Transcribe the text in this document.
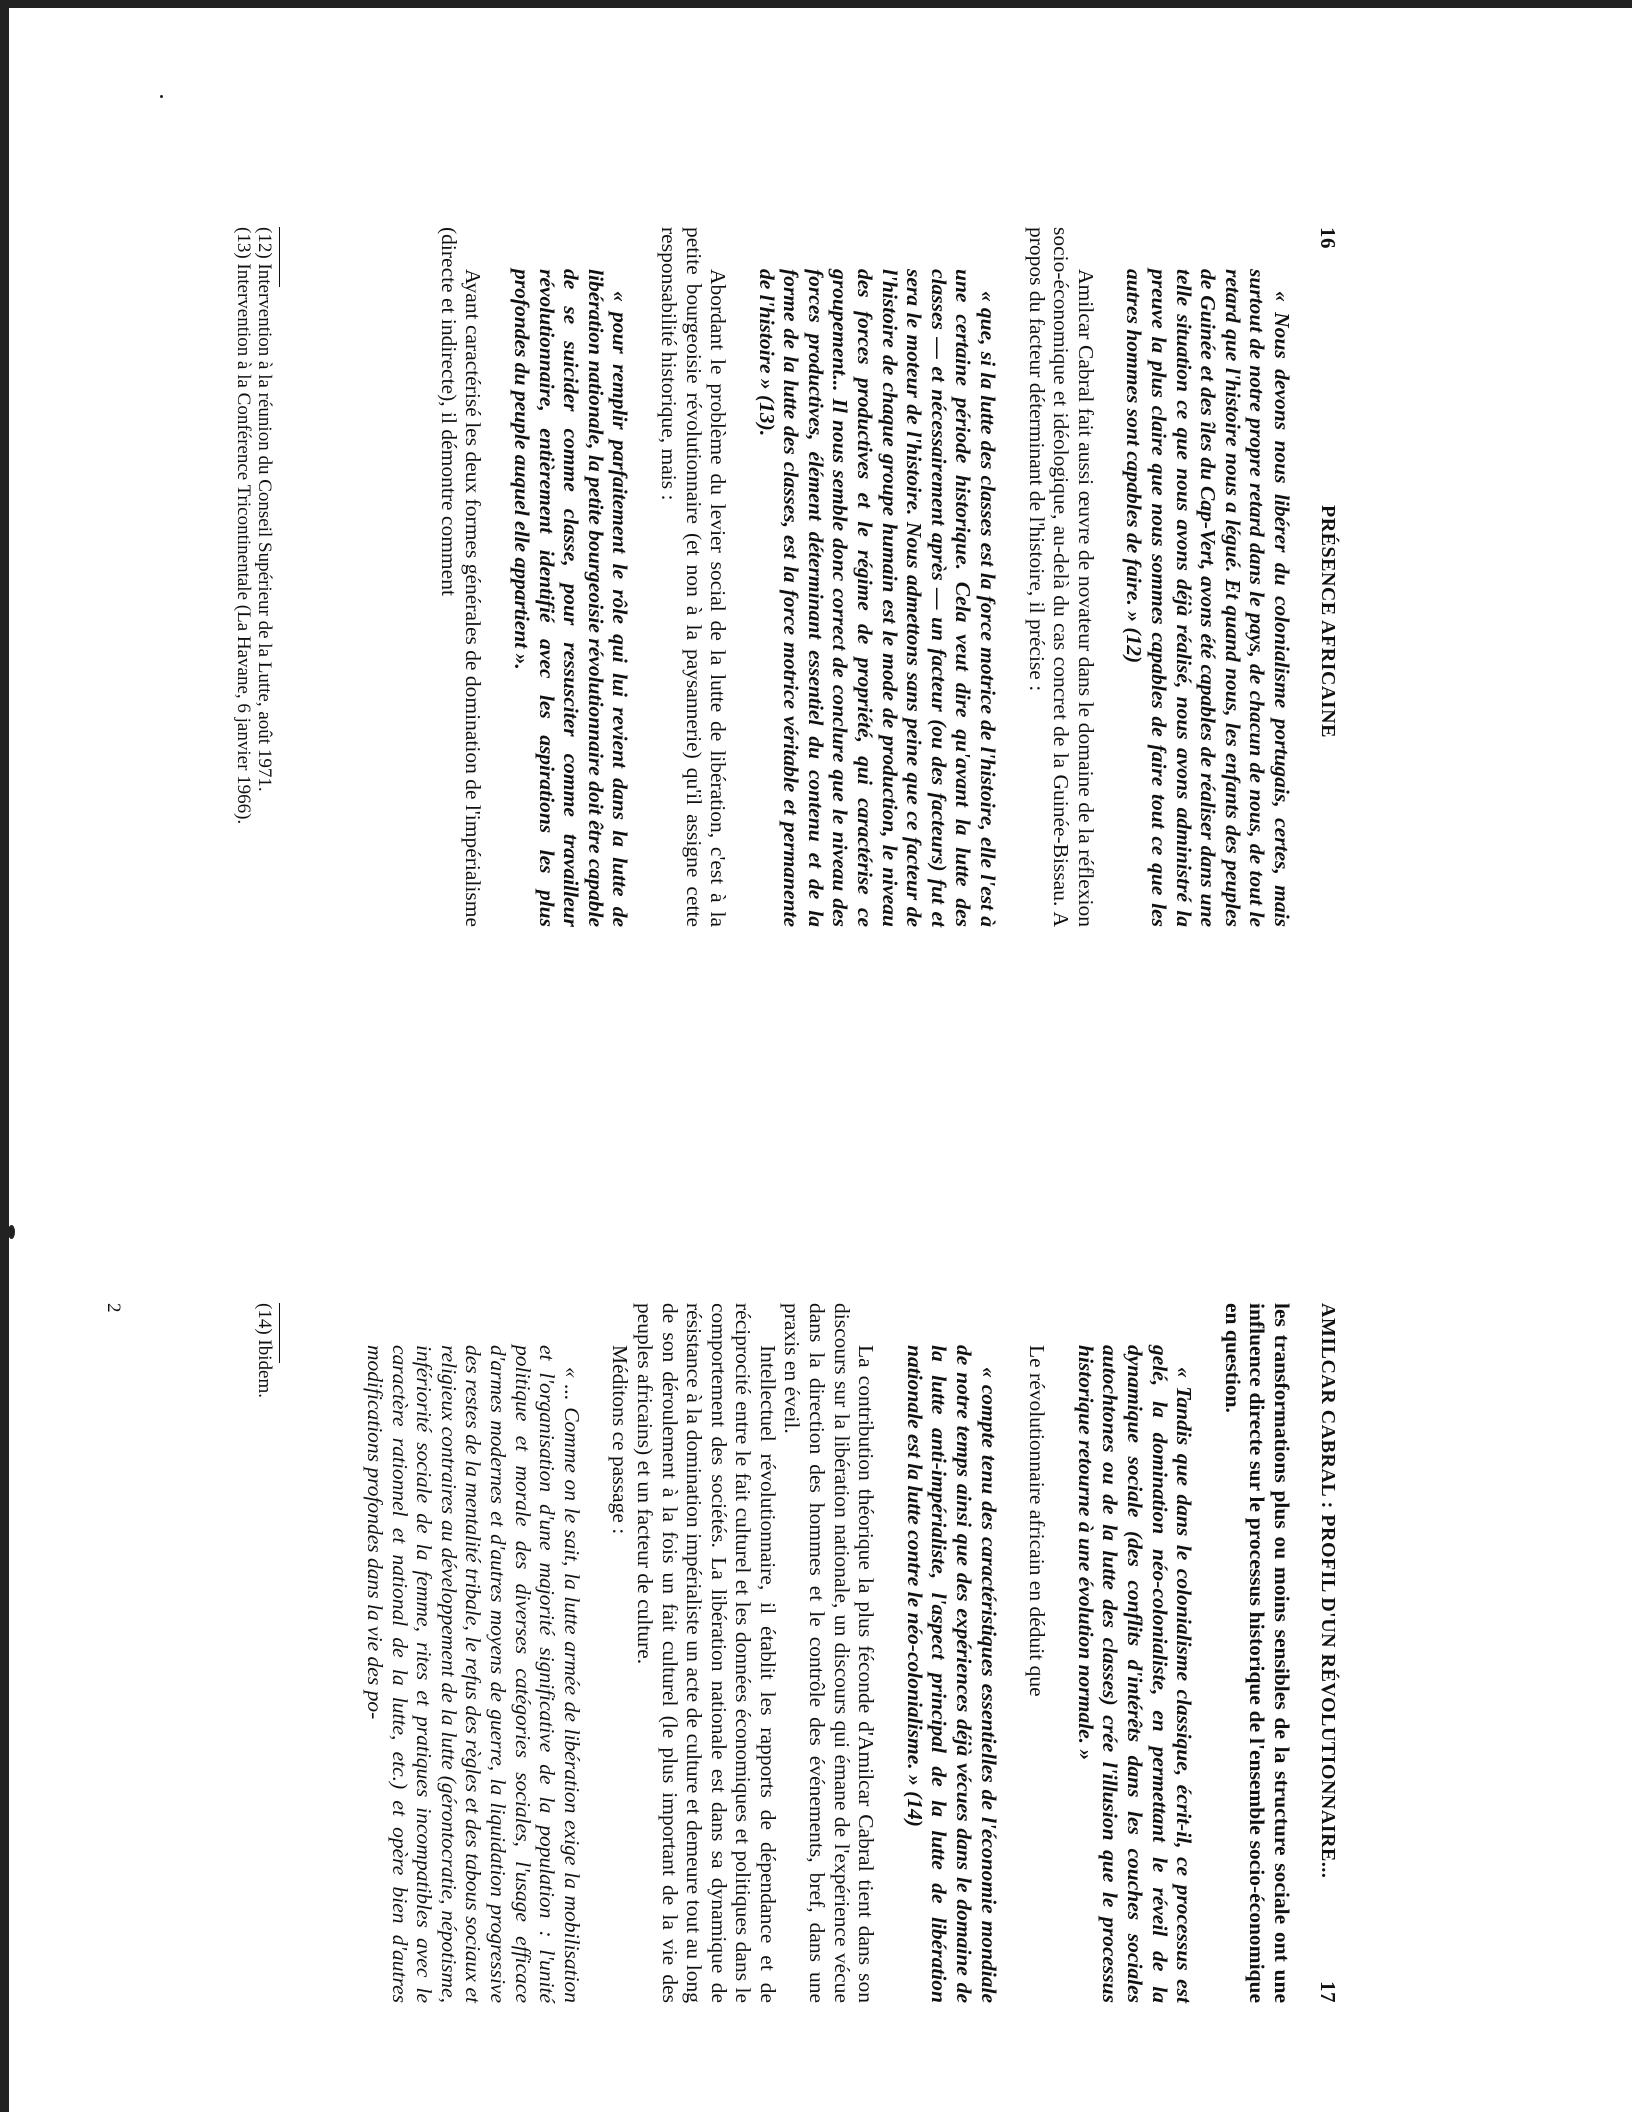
16
PRÉSENCE AFRICAINE

« Nous devons nous libérer du colonialisme portugais, certes, mais surtout de notre propre retard dans le pays, de chacun de nous, de tout le retard que l'histoire nous a légué. Et quand nous, les enfants des peuples de Guinée et des îles du Cap-Vert, avons été capables de réaliser dans une telle situation ce que nous avons déjà réalisé, nous avons administré la preuve la plus claire que nous sommes capables de faire tout ce que les autres hommes sont capables de faire. » (12)

Amilcar Cabral fait aussi œuvre de novateur dans le domaine de la réflexion socio-économique et idéologique, au-delà du cas concret de la Guinée-Bissau. A propos du facteur déterminant de l'histoire, il précise :

« que, si la lutte des classes est la force motrice de l'histoire, elle l'est à une certaine période historique. Cela veut dire qu'avant la lutte des classes — et nécessairement après — un facteur (ou des facteurs) fut et sera le moteur de l'histoire. Nous admettons sans peine que ce facteur de l'histoire de chaque groupe humain est le mode de production, le niveau des forces productives et le régime de propriété, qui caractérise ce groupement... Il nous semble donc correct de conclure que le niveau des forces productives, élément déterminant essentiel du contenu et de la forme de la lutte des classes, est la force motrice véritable et permanente de l'histoire » (13).

Abordant le problème du levier social de la lutte de libération, c'est à la petite bourgeoisie révolutionnaire (et non à la paysannerie) qu'il assigne cette responsabilité historique, mais :

« pour remplir parfaitement le rôle qui lui revient dans la lutte de libération nationale, la petite bourgeoisie révolutionnaire doit être capable de se suicider comme classe, pour ressusciter comme travailleur révolutionnaire, entièrement identifié avec les aspirations les plus profondes du peuple auquel elle appartient ».

Ayant caractérisé les deux formes générales de domination de l'impérialisme (directe et indirecte), il démontre comment

(12) Intervention à la réunion du Conseil Supérieur de la Lutte, août 1971.

(13) Intervention à la Conférence Tricontinentale (La Havane, 6 janvier 1966).

AMILCAR CABRAL : PROFIL D'UN RÉVOLUTIONNAIRE...
17

les transformations plus ou moins sensibles de la structure sociale ont une influence directe sur le processus historique de l'ensemble socio-économique en question.

« Tandis que dans le colonialisme classique, écrit-il, ce processus est gelé, la domination néo-colonialiste, en permettant le réveil de la dynamique sociale (des conflits d'intérêts dans les couches sociales autochtones ou de la lutte des classes) crée l'illusion que le processus historique retourne à une évolution normale. »

Le révolutionnaire africain en déduit que

« compte tenu des caractéristiques essentielles de l'économie mondiale de notre temps ainsi que des expériences déjà vécues dans le domaine de la lutte anti-impérialiste, l'aspect principal de la lutte de libération nationale est la lutte contre le néo-colonialisme. » (14)

La contribution théorique la plus féconde d'Amilcar Cabral tient dans son discours sur la libération nationale, un discours qui émane de l'expérience vécue dans la direction des hommes et le contrôle des événements, bref, dans une praxis en éveil.

Intellectuel révolutionnaire, il établit les rapports de dépendance et de réciprocité entre le fait culturel et les données économiques et politiques dans le comportement des sociétés. La libération nationale est dans sa dynamique de résistance à la domination impérialiste un acte de culture et demeure tout au long de son déroulement à la fois un fait culturel (le plus important de la vie des peuples africains) et un facteur de culture.

Méditons ce passage :

« ... Comme on le sait, la lutte armée de libération exige la mobilisation et l'organisation d'une majorité significative de la population : l'unité politique et morale des diverses catégories sociales, l'usage efficace d'armes modernes et d'autres moyens de guerre, la liquidation progressive des restes de la mentalité tribale, le refus des règles et des tabous sociaux et religieux contraires au développement de la lutte (gérontocratie, népotisme, infériorité sociale de la femme, rites et pratiques incompatibles avec le caractère rationnel et national de la lutte, etc.) et opère bien d'autres modifications profondes dans la vie des po-

(14) Ibidem.

2
